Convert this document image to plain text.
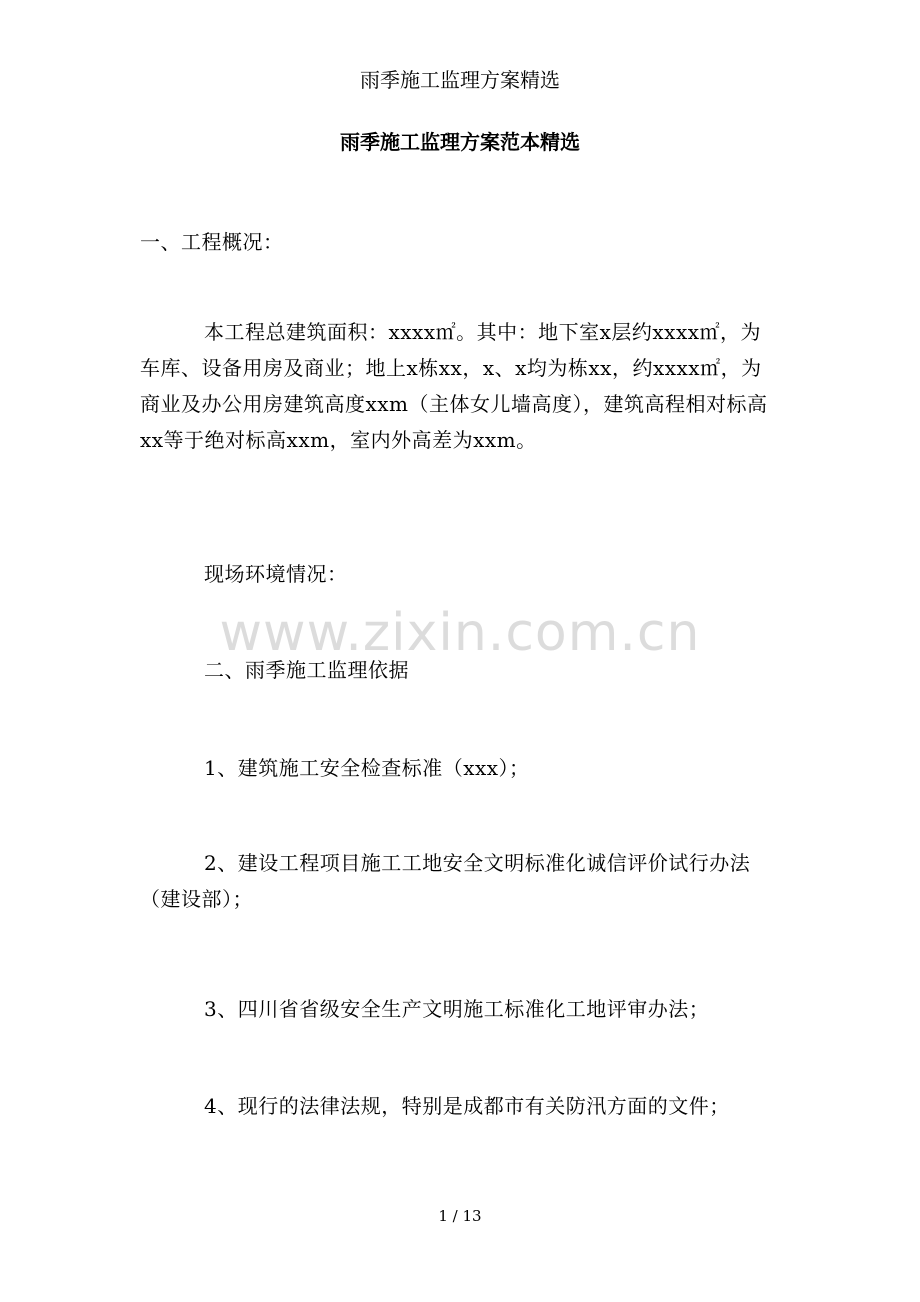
雨季施工监理方案精选
雨季施工监理方案范本精选
一、工程概况：
本工程总建筑面积：xxxx㎡。其中：地下室x层约xxxx㎡，为车库、设备用房及商业；地上x栋xx，x、x均为栋xx，约xxxx㎡，为商业及办公用房建筑高度xxm（主体女儿墙高度），建筑高程相对标高xx等于绝对标高xxm，室内外高差为xxm。
现场环境情况：
www.zixin.com.cn
二、雨季施工监理依据
1、建筑施工安全检查标准（xxx）；
2、建设工程项目施工工地安全文明标准化诚信评价试行办法（建设部）；
3、四川省省级安全生产文明施工标准化工地评审办法；
4、现行的法律法规，特别是成都市有关防汛方面的文件；
1 / 13
